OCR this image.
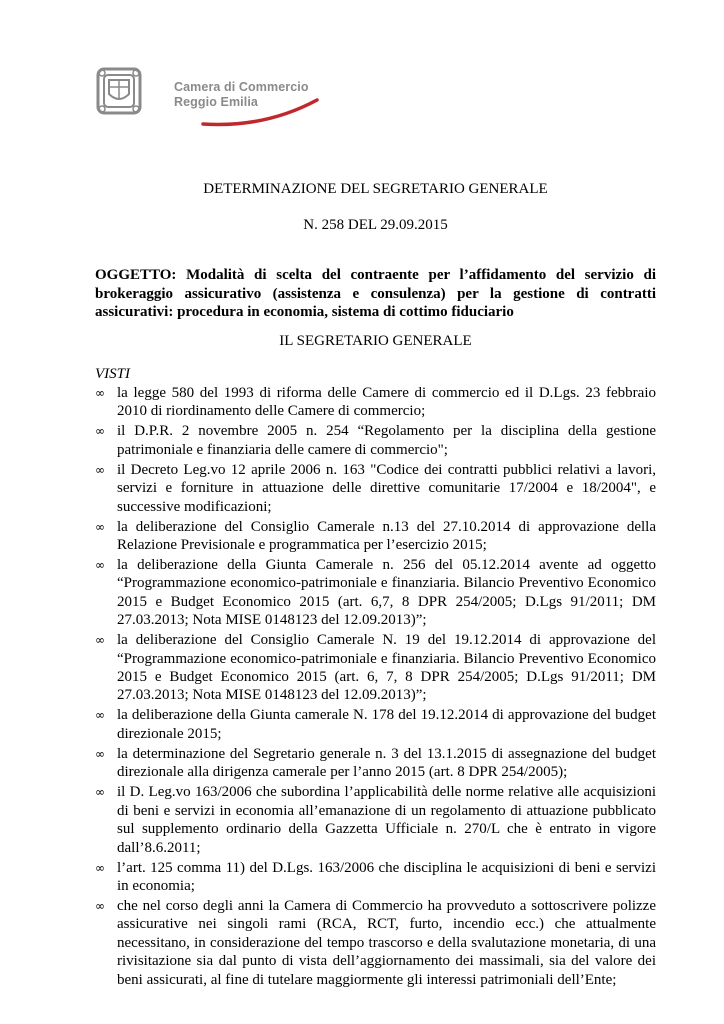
Camera di Commercio
Reggio Emilia
DETERMINAZIONE DEL SEGRETARIO GENERALE
N. 258 DEL 29.09.2015
OGGETTO: Modalità di scelta del contraente per l’affidamento del servizio di brokeraggio assicurativo (assistenza e consulenza) per la gestione di contratti assicurativi: procedura in economia, sistema di cottimo fiduciario
IL SEGRETARIO GENERALE
VISTI
∞ la legge 580 del 1993 di riforma delle Camere di commercio ed il D.Lgs. 23 febbraio 2010 di riordinamento delle Camere di commercio;
∞ il D.P.R. 2 novembre 2005 n. 254 “Regolamento per la disciplina della gestione patrimoniale e finanziaria delle camere di commercio";
∞ il Decreto Leg.vo 12 aprile 2006 n. 163 "Codice dei contratti pubblici relativi a lavori, servizi e forniture in attuazione delle direttive comunitarie 17/2004 e 18/2004", e successive modificazioni;
∞ la deliberazione del Consiglio Camerale n.13 del 27.10.2014 di approvazione della Relazione Previsionale e programmatica per l’esercizio 2015;
∞ la deliberazione della Giunta Camerale n. 256 del 05.12.2014 avente ad oggetto “Programmazione economico-patrimoniale e finanziaria. Bilancio Preventivo Economico 2015 e Budget Economico 2015 (art. 6,7, 8 DPR 254/2005; D.Lgs 91/2011; DM 27.03.2013; Nota MISE 0148123 del 12.09.2013)”;
∞ la deliberazione del Consiglio Camerale N. 19 del 19.12.2014 di approvazione del “Programmazione economico-patrimoniale e finanziaria. Bilancio Preventivo Economico 2015 e Budget Economico 2015 (art. 6, 7, 8 DPR 254/2005; D.Lgs 91/2011; DM 27.03.2013; Nota MISE 0148123 del 12.09.2013)”;
∞ la deliberazione della Giunta camerale N. 178 del 19.12.2014 di approvazione del budget direzionale 2015;
∞ la determinazione del Segretario generale n. 3 del 13.1.2015 di assegnazione del budget direzionale alla dirigenza camerale per l’anno 2015 (art. 8 DPR 254/2005);
∞ il D. Leg.vo 163/2006 che subordina l’applicabilità delle norme relative alle acquisizioni di beni e servizi in economia all’emanazione di un regolamento di attuazione pubblicato sul supplemento ordinario della Gazzetta Ufficiale n. 270/L che è entrato in vigore dall’8.6.2011;
∞ l’art. 125 comma 11) del D.Lgs. 163/2006 che disciplina le acquisizioni di beni e servizi in economia;
∞ che nel corso degli anni la Camera di Commercio ha provveduto a sottoscrivere polizze assicurative nei singoli rami (RCA, RCT, furto, incendio ecc.) che attualmente necessitano, in considerazione del tempo trascorso e della svalutazione monetaria, di una rivisitazione sia dal punto di vista dell’aggiornamento dei massimali, sia del valore dei beni assicurati, al fine di tutelare maggiormente gli interessi patrimoniali dell’Ente;
